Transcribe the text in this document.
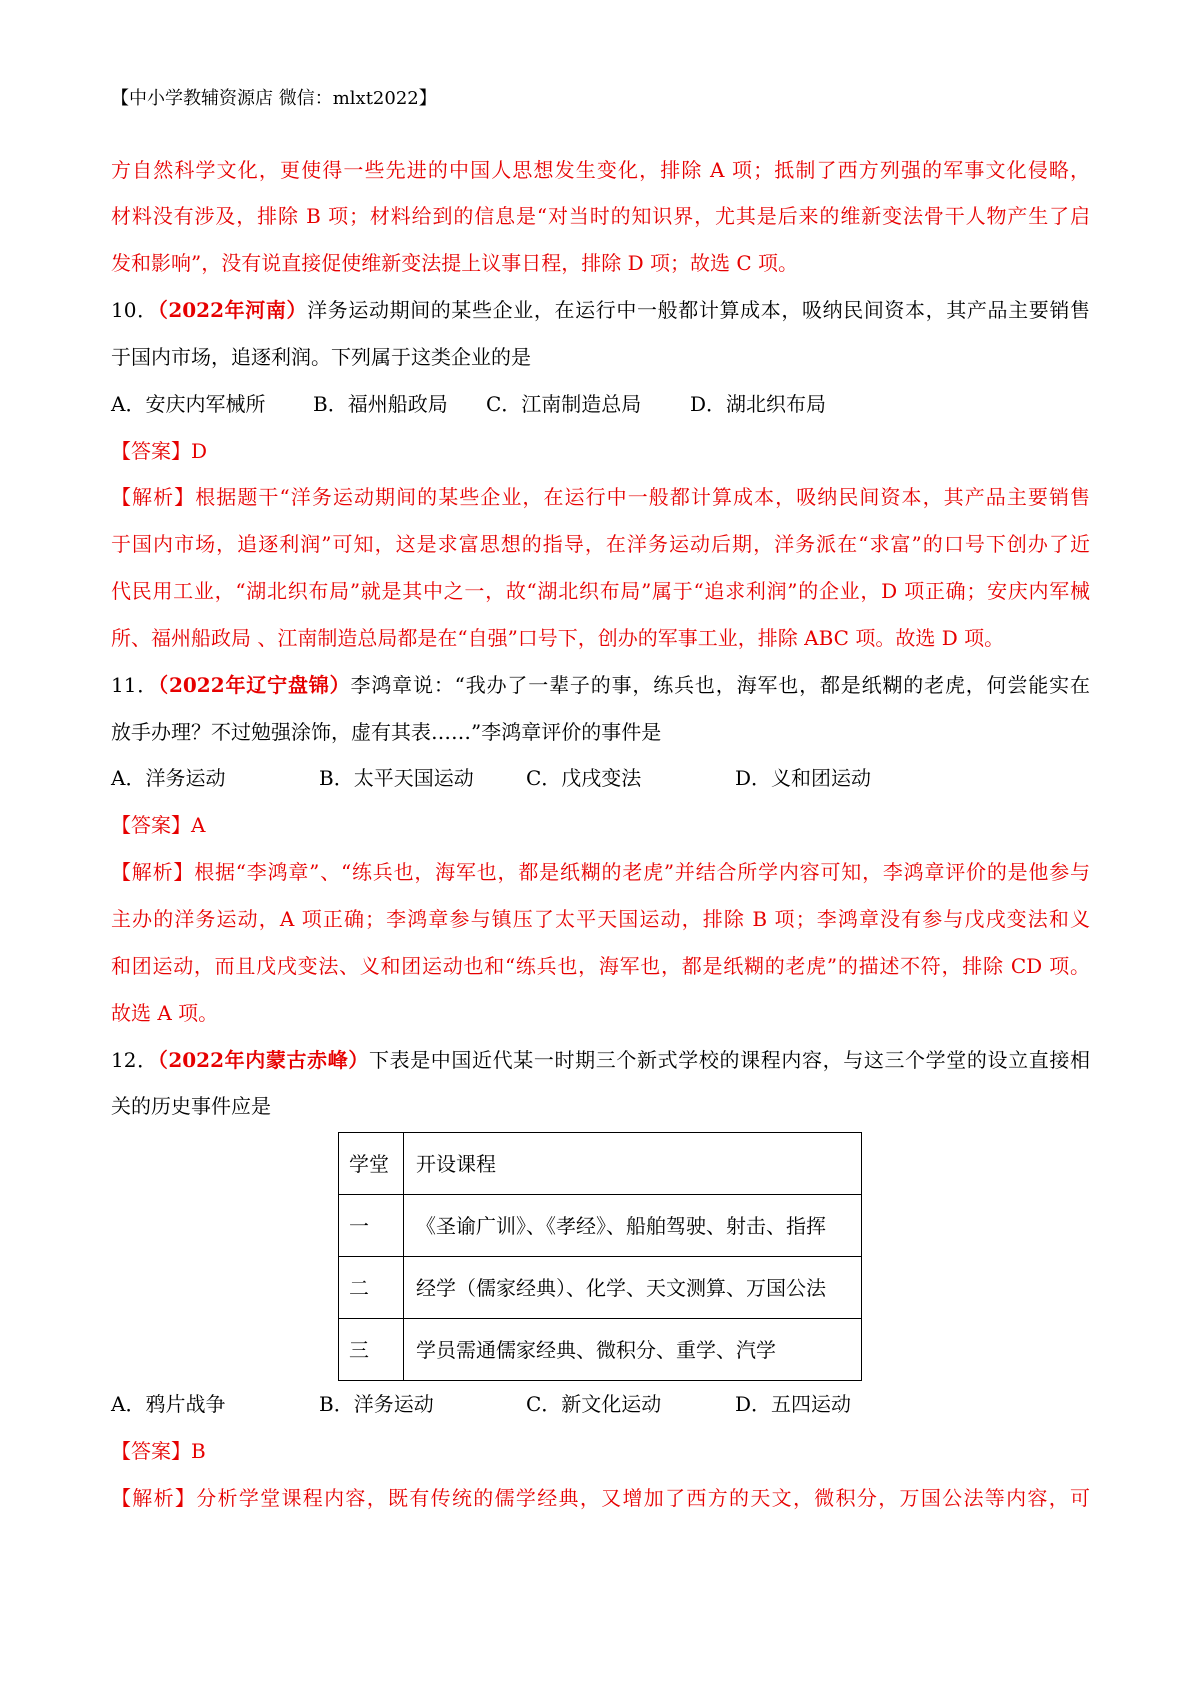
【中小学教辅资源店 微信：mlxt2022】
方自然科学文化，更使得一些先进的中国人思想发生变化，排除 A 项；抵制了西方列强的军事文化侵略，
材料没有涉及，排除 B 项；材料给到的信息是“对当时的知识界，尤其是后来的维新变法骨干人物产生了启
发和影响”，没有说直接促使维新变法提上议事日程，排除 D 项；故选 C 项。
10．（2022年河南）洋务运动期间的某些企业，在运行中一般都计算成本，吸纳民间资本，其产品主要销售
于国内市场，追逐利润。下列属于这类企业的是
A．安庆内军械所 B．福州船政局 C．江南制造总局 D．湖北织布局
【答案】D
【解析】根据题干“洋务运动期间的某些企业，在运行中一般都计算成本，吸纳民间资本，其产品主要销售
于国内市场，追逐利润”可知，这是求富思想的指导，在洋务运动后期，洋务派在“求富”的口号下创办了近
代民用工业，“湖北织布局”就是其中之一，故“湖北织布局”属于“追求利润”的企业，D 项正确；安庆内军械
所、福州船政局 、江南制造总局都是在“自强”口号下，创办的军事工业，排除 ABC 项。故选 D 项。
11．（2022年辽宁盘锦）李鸿章说：“我办了一辈子的事，练兵也，海军也，都是纸糊的老虎，何尝能实在
放手办理？不过勉强涂饰，虚有其表……”李鸿章评价的事件是
A．洋务运动	B．太平天国运动	C．戊戌变法	D．义和团运动
【答案】A
【解析】根据“李鸿章”、“练兵也，海军也，都是纸糊的老虎”并结合所学内容可知，李鸿章评价的是他参与
主办的洋务运动，A 项正确；李鸿章参与镇压了太平天国运动，排除 B 项；李鸿章没有参与戊戌变法和义
和团运动，而且戊戌变法、义和团运动也和“练兵也，海军也，都是纸糊的老虎”的描述不符，排除 CD 项。
故选 A 项。
12．（2022年内蒙古赤峰）下表是中国近代某一时期三个新式学校的课程内容，与这三个学堂的设立直接相
关的历史事件应是
学堂	开设课程
一	《圣谕广训》、《孝经》、船舶驾驶、射击、指挥
二	经学（儒家经典）、化学、天文测算、万国公法
三	学员需通儒家经典、微积分、重学、汽学
A．鸦片战争	B．洋务运动	C．新文化运动	D．五四运动
【答案】B
【解析】分析学堂课程内容，既有传统的儒学经典，又增加了西方的天文，微积分，万国公法等内容，可
